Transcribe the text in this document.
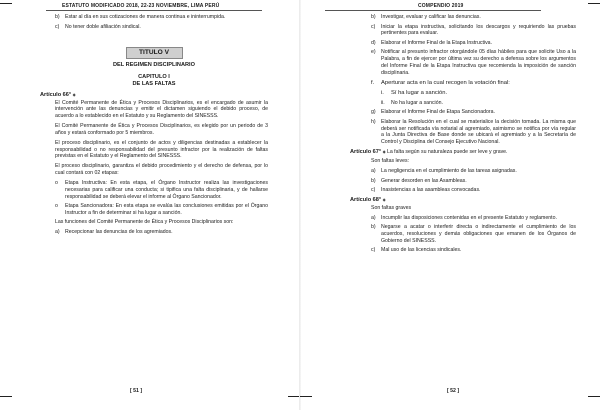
ESTATUTO MODIFICADO 2018, 22-23 NOVIEMBRE, LIMA PERÚ
b)	Estar al día en sus cotizaciones de manera continua e ininterrumpida.
c)	No tener doble afiliación sindical.
TITULO V

DEL REGIMEN DISCIPLINARIO

CAPITULO I

DE LAS FALTAS

Artículo 66° ⁎

El Comité Permanente de Ética y Procesos Disciplinarios, es el encargado de asumir la intervención ante las denuncias y emitir el dictamen siguiendo el debido proceso, de acuerdo a lo establecido en el Estatuto y su Reglamento del SINESSS.

El Comité Permanente de Ética y Procesos Disciplinarios, es elegido por un periodo de 3 años y estará conformado por 5 miembros.

El proceso disciplinario, es el conjunto de actos y diligencias destinadas a establecer la responsabilidad o no responsabilidad del presunto infractor por la realización de faltas previstas en el Estatuto y el Reglamento del SINESSS.

El proceso disciplinario, garantiza el debido procedimiento y el derecho de defensa, por lo cual contará con 02 etapas:

o	Etapa Instructiva: En esta etapa, el Órgano Instructor realiza las investigaciones necesarias para calificar una conducta; si tipifica una falta disciplinaria, y de hallarse responsabilidad se deberá elevar el informe al Órgano Sancionador.
o	Etapa Sancionadora: En esta etapa se evalúa las conclusiones emitidas por el Órgano Instructor a fin de determinar si ha lugar a sanción.

Las funciones del Comité Permanente de Ética y Procesos Disciplinarios son:

a)	Recepcionar las denuncias de los agremiados.
[ 51 ]
COMPENDIO 2019
b)	Investigar, evaluar y calificar las denuncias.
c)	Iniciar la etapa instructiva, solicitando los descargos y requiriendo las pruebas pertinentes para evaluar.
d)	Elaborar el Informe Final de la Etapa Instructiva.
e)	Notificar al presunto infractor otorgándole 05 días hábiles para que solicite Uso a la Palabra, a fin de ejercer por última vez su derecho a defensa sobre los argumentos del Informe Final de la Etapa Instructiva que recomienda la imposición de sanción disciplinaria.
f.	Aperturar acta en la cual recogen la votación final:
i.	Sí ha lugar a sanción.
ii.	No ha lugar a sanción.
g)	Elaborar el Informe Final de Etapa Sancionadora.
h)	Elaborar la Resolución en el cual se materialice la decisión tomada. La misma que deberá ser notificada vía notarial al agremiado, asimismo se notifica por vía regular a la Junta Directiva de Base donde se ubicará el agremiado y a la Secretaría de Control y Disciplina del Consejo Ejecutivo Nacional.
Artículo 67° ⁎ La falta según su naturaleza puede ser leve y grave.

Son faltas leves:

a)	La negligencia en el cumplimiento de las tareas asignadas.
b)	Generar desorden en las Asambleas.
c)	Inasistencias a las asambleas convocadas.
Artículo 68° ⁎

Son faltas graves

a)	Incumplir las disposiciones contenidas en el presente Estatuto y reglamento.
b)	Negarse a acatar o interferir directa o indirectamente el cumplimiento de los acuerdos, resoluciones y demás obligaciones que emanen de los Órganos de Gobierno del SINESSS.
c)	Mal uso de las licencias sindicales.
[ 52 ]
